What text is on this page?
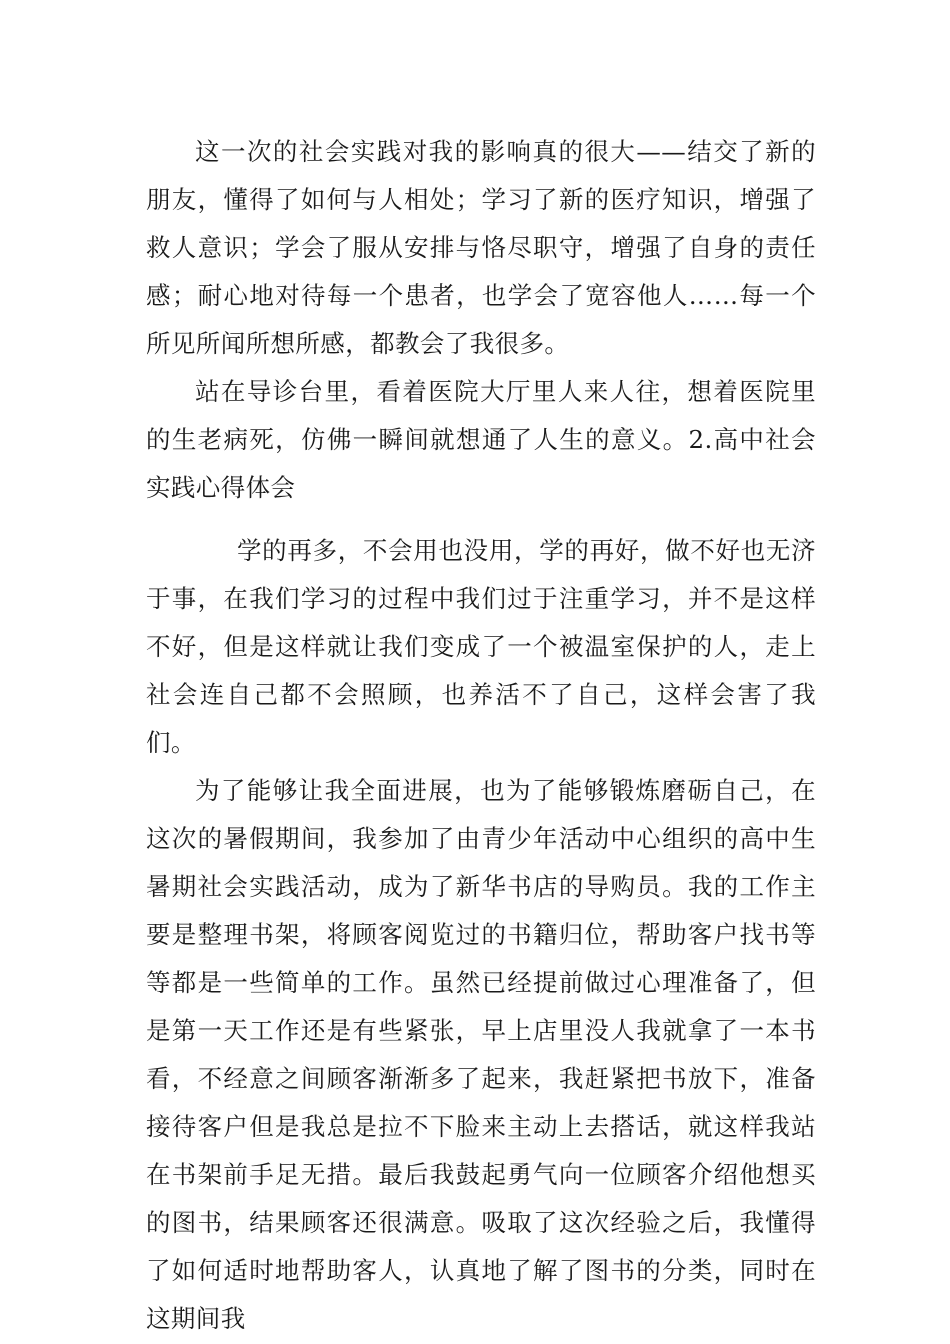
这一次的社会实践对我的影响真的很大——结交了新的朋友，懂得了如何与人相处；学习了新的医疗知识，增强了救人意识；学会了服从安排与恪尽职守，增强了自身的责任感；耐心地对待每一个患者，也学会了宽容他人……每一个所见所闻所想所感，都教会了我很多。

站在导诊台里，看着医院大厅里人来人往，想着医院里的生老病死，仿佛一瞬间就想通了人生的意义。2.高中社会实践心得体会

学的再多，不会用也没用，学的再好，做不好也无济于事，在我们学习的过程中我们过于注重学习，并不是这样不好，但是这样就让我们变成了一个被温室保护的人，走上社会连自己都不会照顾，也养活不了自己，这样会害了我们。

为了能够让我全面进展，也为了能够锻炼磨砺自己，在这次的暑假期间，我参加了由青少年活动中心组织的高中生暑期社会实践活动，成为了新华书店的导购员。我的工作主要是整理书架，将顾客阅览过的书籍归位，帮助客户找书等等都是一些简单的工作。虽然已经提前做过心理准备了，但是第一天工作还是有些紧张，早上店里没人我就拿了一本书看，不经意之间顾客渐渐多了起来，我赶紧把书放下，准备接待客户但是我总是拉不下脸来主动上去搭话，就这样我站在书架前手足无措。最后我鼓起勇气向一位顾客介绍他想买的图书，结果顾客还很满意。吸取了这次经验之后，我懂得了如何适时地帮助客人，认真地了解了图书的分类，同时在这期间我
